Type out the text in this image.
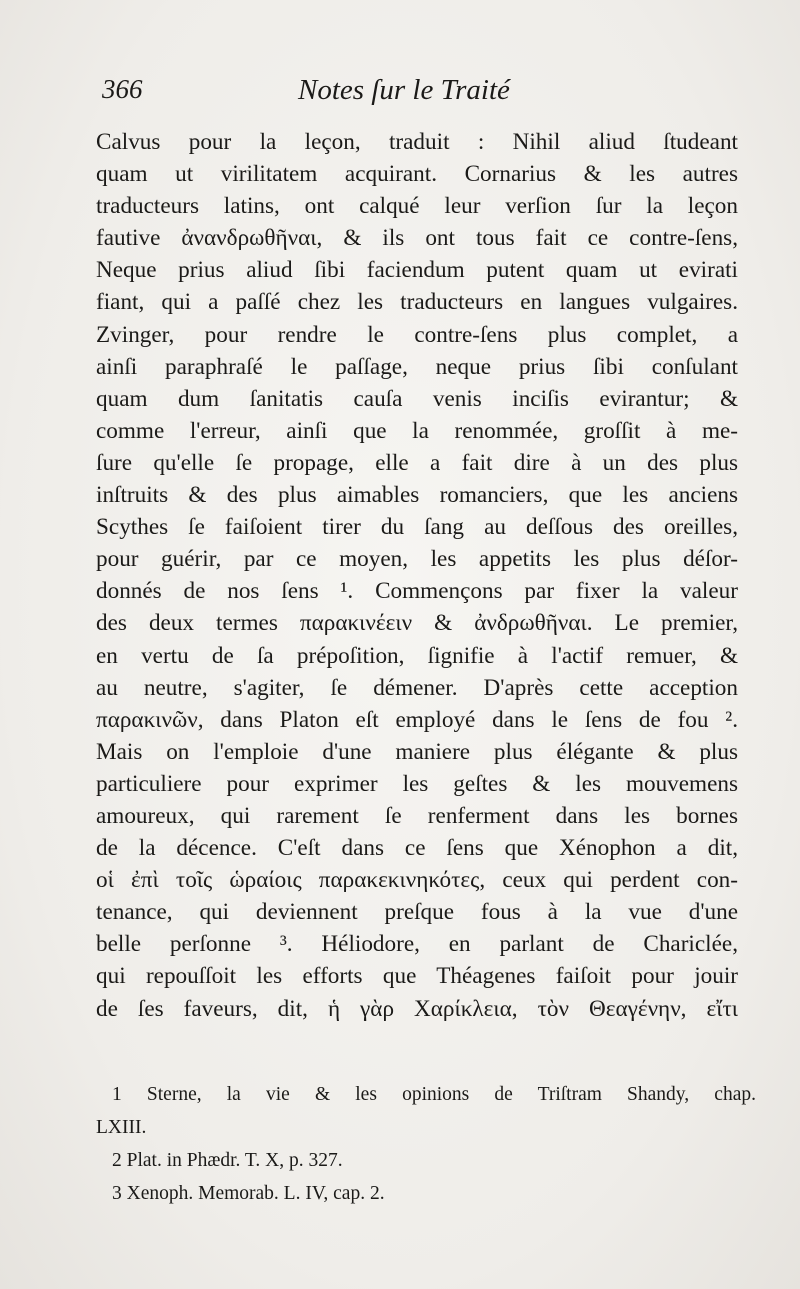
366	Notes ſur le Traité
Calvus pour la leçon, traduit : Nihil aliud ſtudeant
quam ut virilitatem acquirant. Cornarius & les autres
traducteurs latins, ont calqué leur verſion ſur la leçon
fautive ἀνανδρωθῆναι, & ils ont tous fait ce contre-ſens,
Neque prius aliud ſibi faciendum putent quam ut evirati
fiant, qui a paſſé chez les traducteurs en langues vulgaires.
Zvinger, pour rendre le contre-ſens plus complet, a
ainſi paraphraſé le paſſage, neque prius ſibi conſulant
quam dum ſanitatis cauſa venis inciſis evirantur; &
comme l'erreur, ainſi que la renommée, groſſit à me-
ſure qu'elle ſe propage, elle a fait dire à un des plus
inſtruits & des plus aimables romanciers, que les anciens
Scythes ſe faiſoient tirer du ſang au deſſous des oreilles,
pour guérir, par ce moyen, les appetits les plus déſor-
donnés de nos ſens ¹. Commençons par fixer la valeur
des deux termes παρακινέειν & ἀνδρωθῆναι. Le premier,
en vertu de ſa prépoſition, ſignifie à l'actif remuer, &
au neutre, s'agiter, ſe démener. D'après cette acception
παρακινῶν, dans Platon eſt employé dans le ſens de fou ².
Mais on l'emploie d'une maniere plus élégante & plus
particuliere pour exprimer les geſtes & les mouvemens
amoureux, qui rarement ſe renferment dans les bornes
de la décence. C'eſt dans ce ſens que Xénophon a dit,
οἱ ἐπὶ τοῖς ὡραίοις παρακεκινηκότες, ceux qui perdent con-
tenance, qui deviennent preſque fous à la vue d'une
belle perſonne ³. Héliodore, en parlant de Chariclée,
qui repouſſoit les efforts que Théagenes faiſoit pour jouir
de ſes faveurs, dit, ἡ γὰρ Χαρίκλεια, τὸν Θεαγένην, εἴτι
1 Sterne, la vie & les opinions de Triſtram Shandy, chap.
LXIII.
2 Plat. in Phædr. T. X, p. 327.
3 Xenoph. Memorab. L. IV, cap. 2.
